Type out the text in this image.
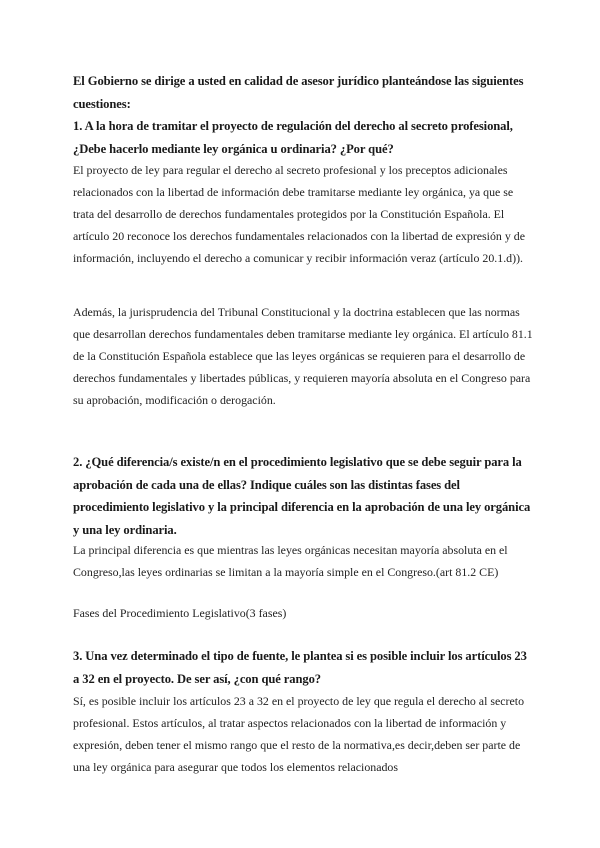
El Gobierno se dirige a usted en calidad de asesor jurídico planteándose las siguientes cuestiones:

1. A la hora de tramitar el proyecto de regulación del derecho al secreto profesional, ¿Debe hacerlo mediante ley orgánica u ordinaria? ¿Por qué?

El proyecto de ley para regular el derecho al secreto profesional y los preceptos adicionales relacionados con la libertad de información debe tramitarse mediante ley orgánica, ya que se trata del desarrollo de derechos fundamentales protegidos por la Constitución Española. El artículo 20 reconoce los derechos fundamentales relacionados con la libertad de expresión y de información, incluyendo el derecho a comunicar y recibir información veraz (artículo 20.1.d)).

Además, la jurisprudencia del Tribunal Constitucional y la doctrina establecen que las normas que desarrollan derechos fundamentales deben tramitarse mediante ley orgánica. El artículo 81.1 de la Constitución Española establece que las leyes orgánicas se requieren para el desarrollo de derechos fundamentales y libertades públicas, y requieren mayoría absoluta en el Congreso para su aprobación, modificación o derogación.

2. ¿Qué diferencia/s existe/n en el procedimiento legislativo que se debe seguir para la aprobación de cada una de ellas? Indique cuáles son las distintas fases del procedimiento legislativo y la principal diferencia en la aprobación de una ley orgánica y una ley ordinaria.

La principal diferencia es que mientras las leyes orgánicas necesitan mayoría absoluta en el Congreso,las leyes ordinarias se limitan a la mayoría simple en el Congreso.(art 81.2 CE)

Fases del Procedimiento Legislativo(3 fases)

3. Una vez determinado el tipo de fuente, le plantea si es posible incluir los artículos 23 a 32 en el proyecto. De ser así, ¿con qué rango?

Sí, es posible incluir los artículos 23 a 32 en el proyecto de ley que regula el derecho al secreto profesional. Estos artículos, al tratar aspectos relacionados con la libertad de información y expresión, deben tener el mismo rango que el resto de la normativa,es decir,deben ser parte de una ley orgánica para asegurar que todos los elementos relacionados
